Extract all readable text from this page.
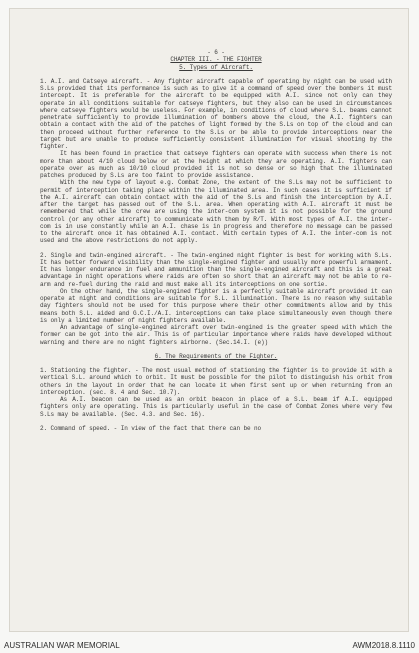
- 6 -
CHAPTER III. - THE FIGHTER
5. Types of Aircraft.

1. A.I. and Catseye aircraft. - Any fighter aircraft capable of operating by night can be used with S.Ls provided that its performance is such as to give it a command of speed over the bombers it must intercept. It is preferable for the aircraft to be equipped with A.I. since not only can they operate in all conditions suitable for catseye fighters, but they also can be used in circumstances where catseye fighters would be useless. For example, in conditions of cloud where S.L. beams cannot penetrate sufficiently to provide illumination of bombers above the cloud, the A.I. fighters can obtain a contact with the aid of the patches of light formed by the S.Ls on top of the cloud and can then proceed without further reference to the S.Ls or be able to provide interceptions near the target but are unable to produce sufficiently consistent illumination for visual shooting by the fighter.

It has been found in practice that catseye fighters can operate with success when there is not more than about 4/10 cloud below or at the height at which they are operating. A.I. fighters can operate over as much as 10/10 cloud provided it is not so dense or so high that the illuminated patches produced by S.Ls are too faint to provide assistance.

With the new type of layout e.g. Combat Zone, the extent of the S.Ls may not be sufficient to permit of interception taking place within the illuminated area. In such cases it is sufficient if the A.I. aircraft can obtain contact with the aid of the S.Ls and finish the interception by A.I. after the target has passed out of the S.L. area. When operating with A.I. aircraft it must be remembered that while the crew are using the inter-com system it is not possible for the ground control (or any other aircraft) to communicate with them by R/T. With most types of A.I. the inter-com is in use constantly while an A.I. chase is in progress and therefore no message can be passed to the aircraft once it has obtained A.I. contact. With certain types of A.I. the inter-com is not used and the above restrictions do not apply.

2. Single and twin-engined aircraft. - The twin-engined night fighter is best for working with S.Ls. It has better forward visibility than the single-engined fighter and usually more powerful armament. It has longer endurance in fuel and ammunition than the single-engined aircraft and this is a great advantage in night operations where raids are often so short that an aircraft may not be able to re-arm and re-fuel during the raid and must make all its interceptions on one sortie.

On the other hand, the single-engined fighter is a perfectly suitable aircraft provided it can operate at night and conditions are suitable for S.L. illumination. There is no reason why suitable day fighters should not be used for this purpose where their other commitments allow and by this means both S.L. aided and G.C.I./A.I. interceptions can take place simultaneously even though there is only a limited number of night fighters available.

An advantage of single-engined aircraft over twin-engined is the greater speed with which the former can be got into the air. This is of particular importance where raids have developed without warning and there are no night fighters airborne. (Sec.14.I. (e))

6. The Requirements of the Fighter.

1. Stationing the fighter. - The most usual method of stationing the fighter is to provide it with a vertical S.L. around which to orbit. It must be possible for the pilot to distinguish his orbit from others in the layout in order that he can locate it when first sent up or when returning from an interception. (sec. 8. 4 and Sec. 10.7).

As A.I. beacon can be used as an orbit beacon in place of a S.L. beam if A.I. equipped fighters only are operating. This is particularly useful in the case of Combat Zones where very few S.Ls may be available. (Sec. 4.3. and Sec. 16).

2. Command of speed. - In view of the fact that there can be no

AUSTRALIAN WAR MEMORIAL	AWM2018.8.1110
